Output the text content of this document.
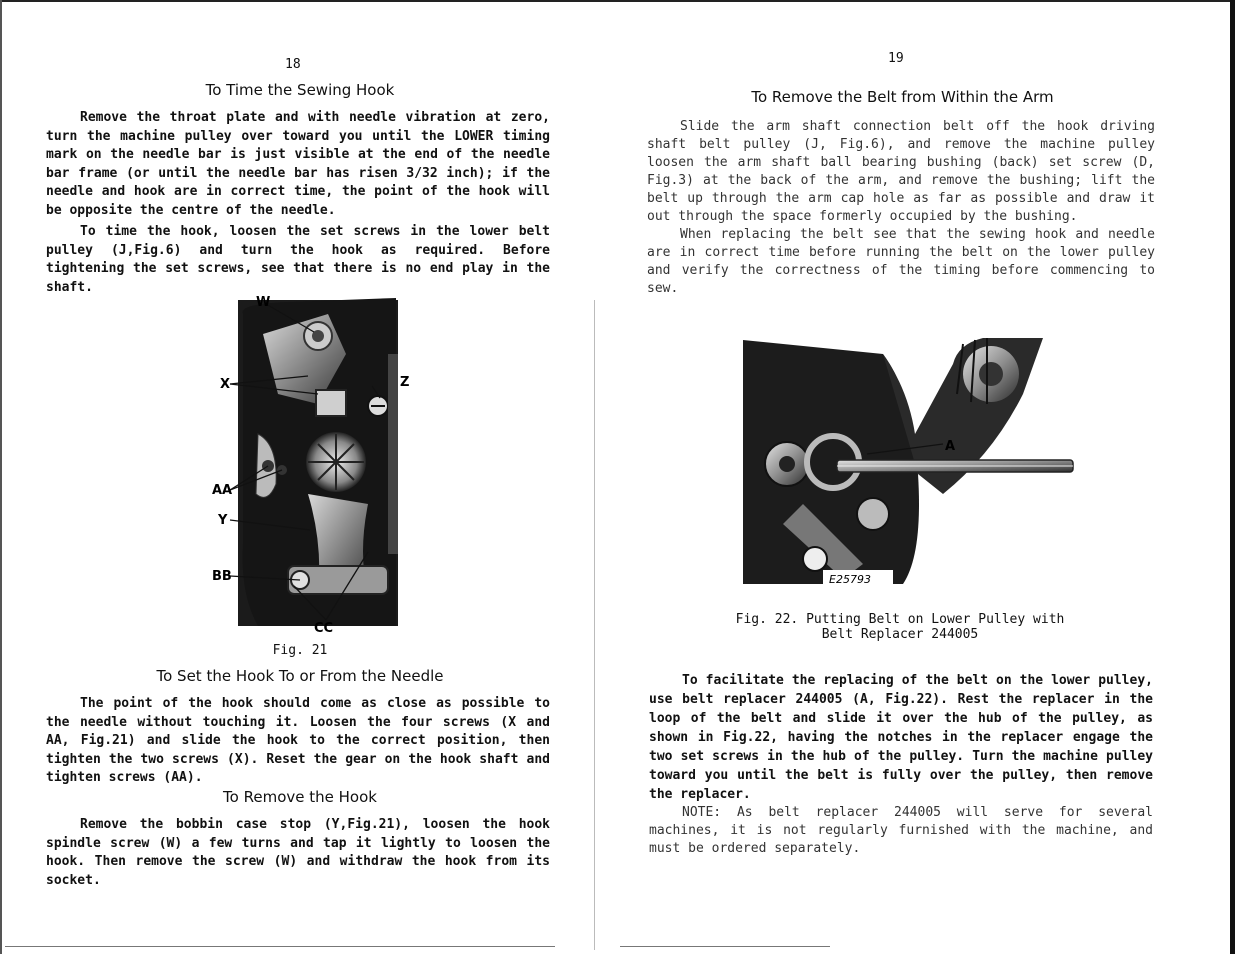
18
To Time the Sewing Hook

Remove the throat plate and with needle vibration at zero, turn the machine pulley over toward you until the LOWER timing mark on the needle bar is just visible at the end of the needle bar frame (or until the needle bar has risen 3/32 inch); if the needle and hook are in correct time, the point of the hook will be opposite the centre of the needle.

To time the hook, loosen the set screws in the lower belt pulley (J,Fig.6) and turn the hook as required. Before tightening the set screws, see that there is no end play in the shaft.

W
X	Z
AA
Y
BB
CC
Fig. 21
To Set the Hook To or From the Needle

The point of the hook should come as close as possible to the needle without touching it. Loosen the four screws (X and AA, Fig.21) and slide the hook to the correct position, then tighten the two screws (X). Reset the gear on the hook shaft and tighten screws (AA).

To Remove the Hook

Remove the bobbin case stop (Y,Fig.21), loosen the hook spindle screw (W) a few turns and tap it lightly to loosen the hook. Then remove the screw (W) and withdraw the hook from its socket.

19
To Remove the Belt from Within the Arm

Slide the arm shaft connection belt off the hook driving shaft belt pulley (J, Fig.6), and remove the machine pulley loosen the arm shaft ball bearing bushing (back) set screw (D, Fig.3) at the back of the arm, and remove the bushing; lift the belt up through the arm cap hole as far as possible and draw it out through the space formerly occupied by the bushing.

When replacing the belt see that the sewing hook and needle are in correct time before running the belt on the lower pulley and verify the correctness of the timing before commencing to sew.

A
E25793
Fig. 22. Putting Belt on Lower Pulley with
Belt Replacer 244005

To facilitate the replacing of the belt on the lower pulley, use belt replacer 244005 (A, Fig.22). Rest the replacer in the loop of the belt and slide it over the hub of the pulley, as shown in Fig.22, having the notches in the replacer engage the two set screws in the hub of the pulley. Turn the machine pulley toward you until the belt is fully over the pulley, then remove the replacer.

NOTE: As belt replacer 244005 will serve for several machines, it is not regularly furnished with the machine, and must be ordered separately.
